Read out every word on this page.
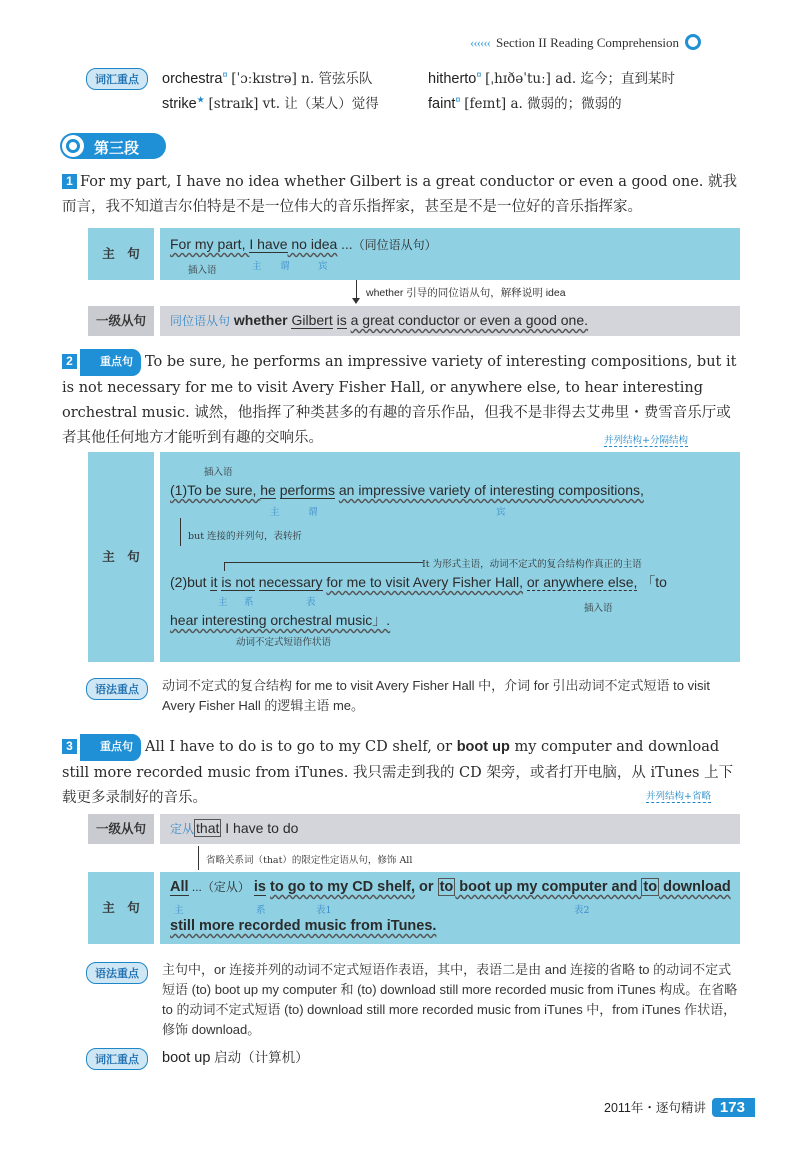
‹‹‹‹‹‹ Section II Reading Comprehension
词汇重点	orchestra¤ [ˈɔːkɪstrə] n. 管弦乐队	hitherto¤ [ˌhɪðəˈtuː] ad. 迄今；直到某时
strike★ [straɪk] vt. 让（某人）觉得	faint¤ [feɪnt] a. 微弱的；微弱的
第三段
1 For my part, I have no idea whether Gilbert is a great conductor or even a good one. 就我而言，我不知道吉尔伯特是不是一位伟大的音乐指挥家，甚至是不是一位好的音乐指挥家。
主　句
For my part, I have no idea ...（同位语从句）
插入语	主 谓	宾
whether 引导的同位语从句，解释说明 idea
一级从句	同位语从句 whether Gilbert is a great conductor or even a good one.
2 重点句 To be sure, he performs an impressive variety of interesting compositions, but it is not necessary for me to visit Avery Fisher Hall, or anywhere else, to hear interesting orchestral music. 诚然，他指挥了种类甚多的有趣的音乐作品，但我不是非得去艾弗里・费雪音乐厅或者其他任何地方才能听到有趣的交响乐。	并列结构+分隔结构
主　句
插入语
(1)To be sure, he performs an impressive variety of interesting compositions,
主	谓	宾
but 连接的并列句，表转折
It 为形式主语，动词不定式的复合结构作真正的主语
(2)but it is not necessary for me to visit Avery Fisher Hall, or anywhere else, 「to
主 系	表
插入语
hear interesting orchestral music」.
动词不定式短语作状语
语法重点	动词不定式的复合结构 for me to visit Avery Fisher Hall 中，介词 for 引出动词不定式短语 to visit Avery Fisher Hall 的逻辑主语 me。
3 重点句 All I have to do is to go to my CD shelf, or boot up my computer and download still more recorded music from iTunes. 我只需走到我的 CD 架旁，或者打开电脑，从 iTunes 上下载更多录制好的音乐。	并列结构+省略
一级从句	定从 that I have to do
省略关系词（that）的限定性定语从句，修饰 All
主　句
All ...（定从） is to go to my CD shelf, or to boot up my computer and to download
主	系	表1	表2
still more recorded music from iTunes.
语法重点	主句中，or 连接并列的动词不定式短语作表语，其中，表语二是由 and 连接的省略 to 的动词不定式短语 (to) boot up my computer 和 (to) download still more recorded music from iTunes 构成。在省略 to 的动词不定式短语 (to) download still more recorded music from iTunes 中，from iTunes 作状语，修饰 download。
词汇重点	boot up 启动（计算机）
2011年・逐句精讲 173
